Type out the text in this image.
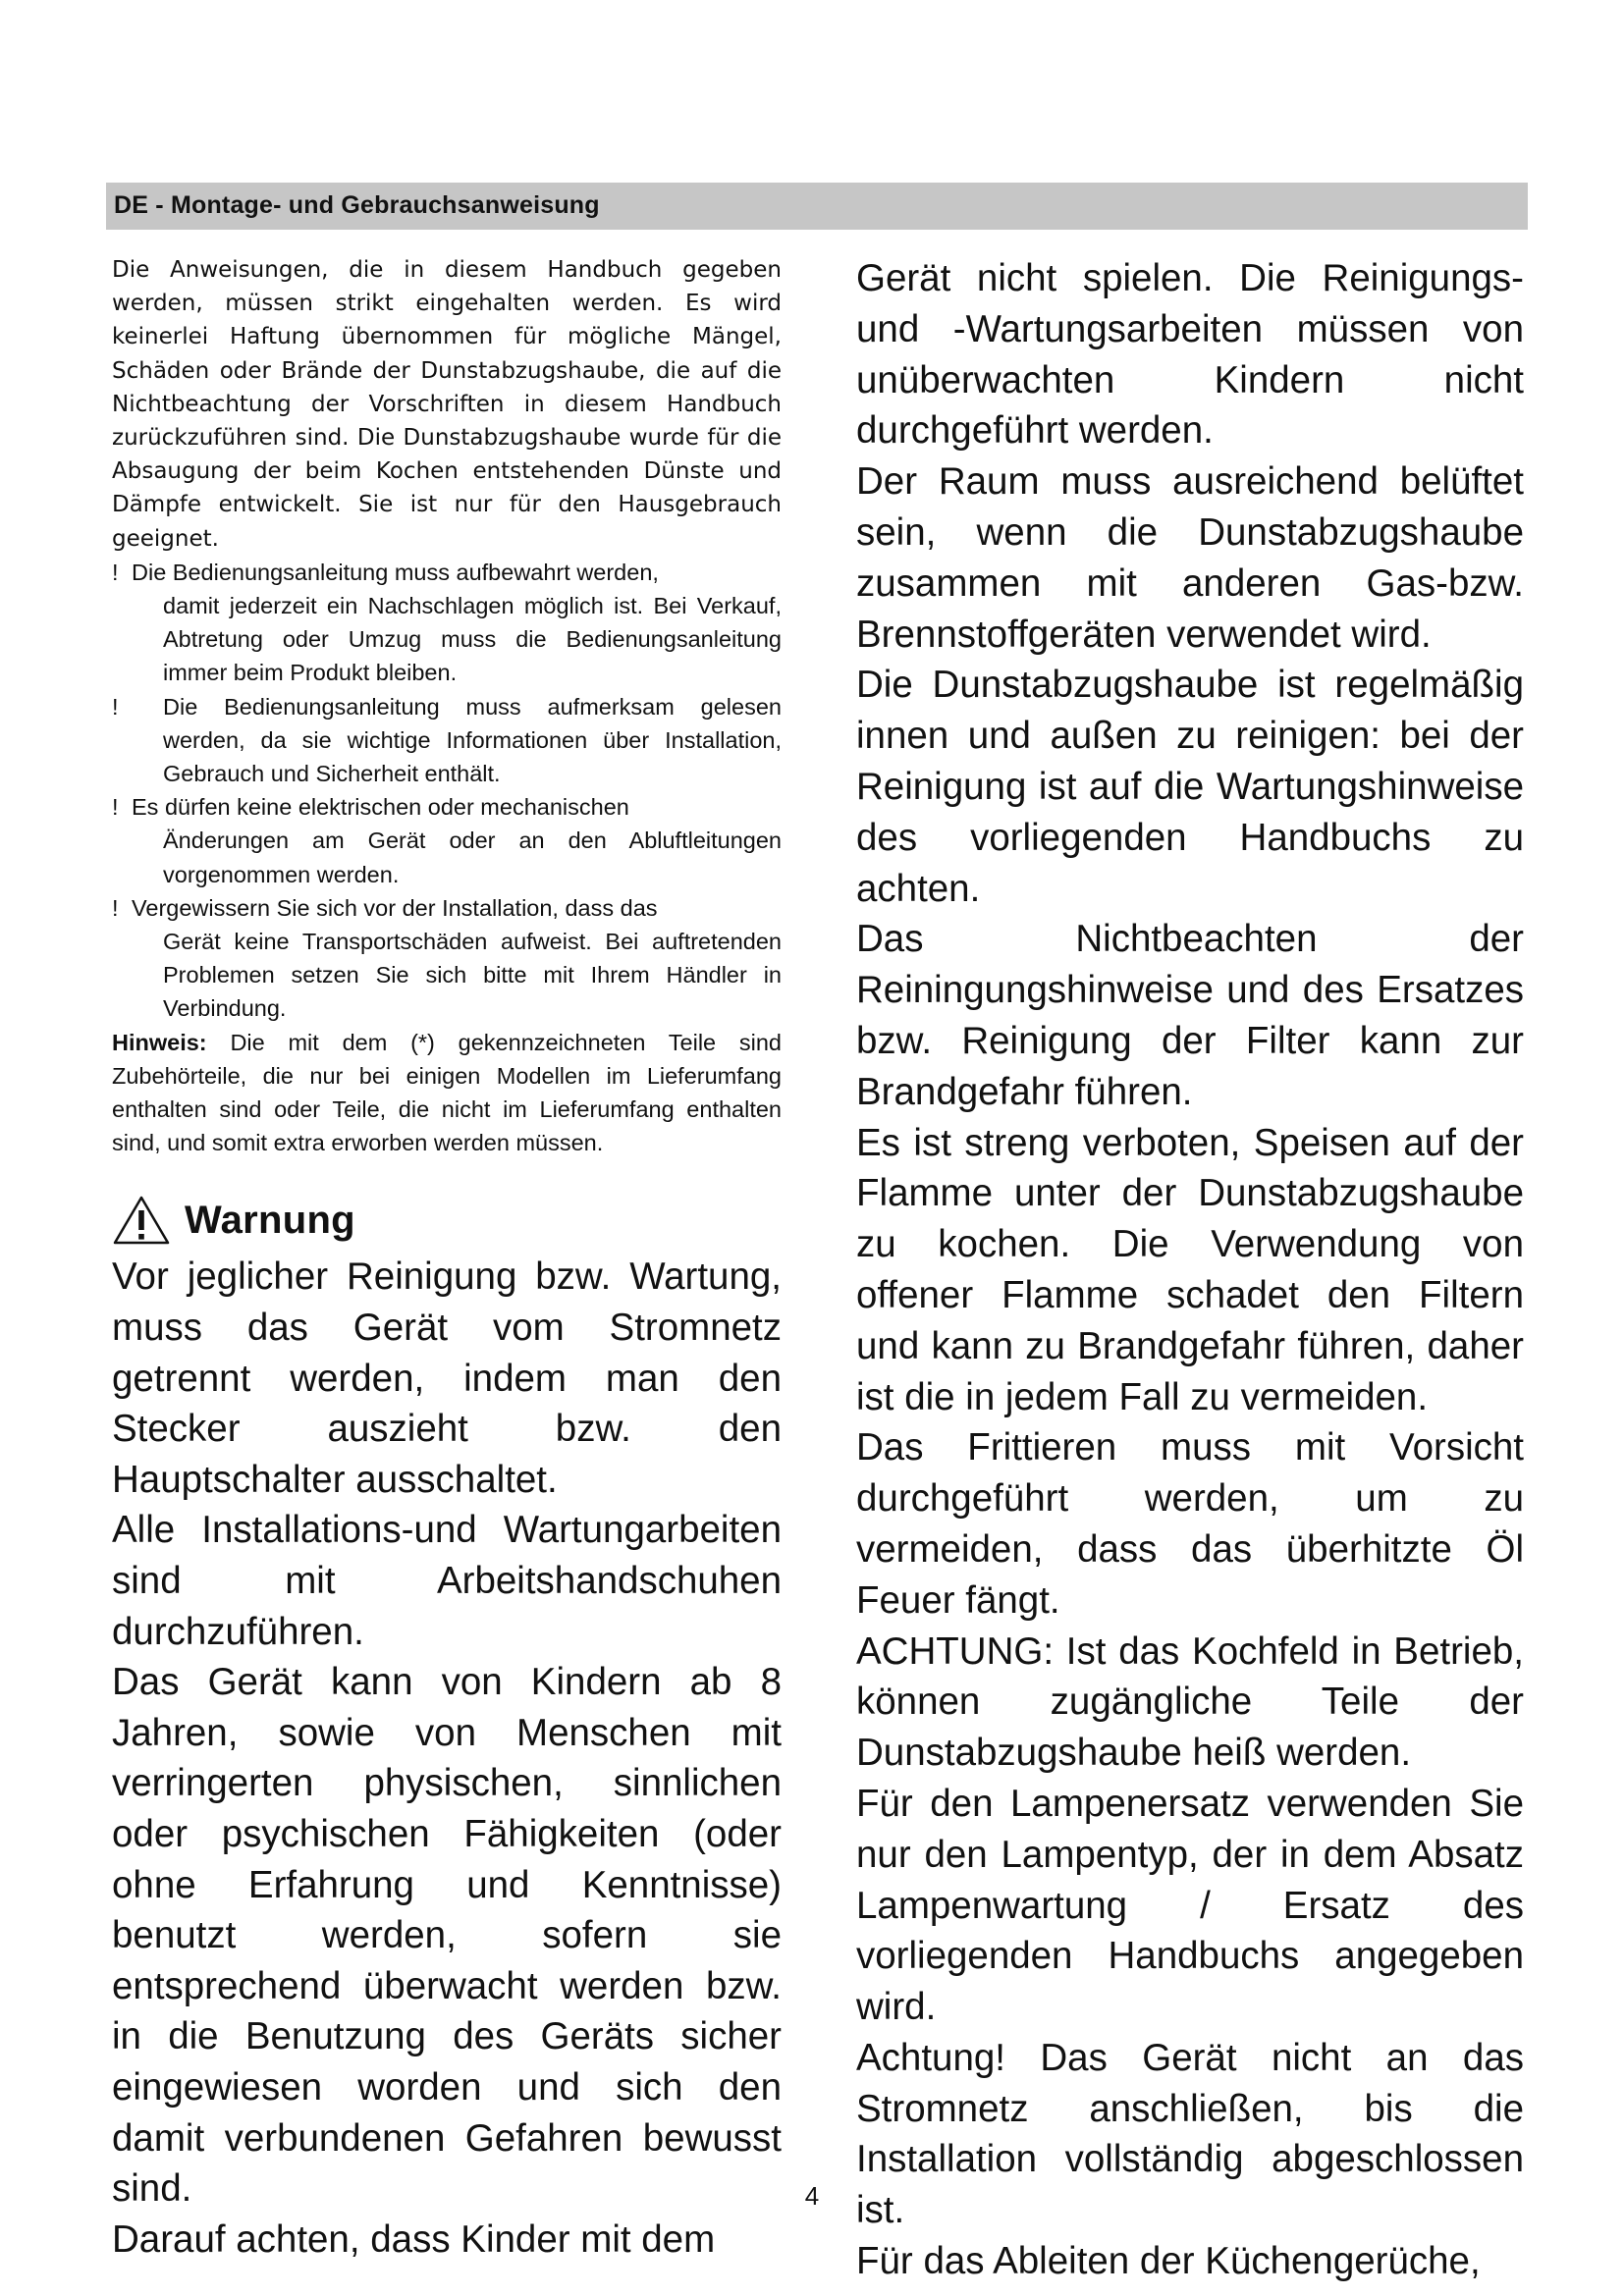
DE - Montage- und Gebrauchsanweisung

Die Anweisungen, die in diesem Handbuch gegeben werden, müssen strikt eingehalten werden. Es wird keinerlei Haftung übernommen für mögliche Mängel, Schäden oder Brände der Dunstabzugshaube, die auf die Nichtbeachtung der Vorschriften in diesem Handbuch zurückzuführen sind. Die Dunstabzugshaube wurde für die Absaugung der beim Kochen entstehenden Dünste und Dämpfe entwickelt. Sie ist nur für den Hausgebrauch geeignet.

! Die Bedienungsanleitung muss aufbewahrt werden,
damit jederzeit ein Nachschlagen möglich ist. Bei Verkauf, Abtretung oder Umzug muss die Bedienungsanleitung immer beim Produkt bleiben.

!	Die Bedienungsanleitung muss aufmerksam gelesen werden, da sie wichtige Informationen über Installation, Gebrauch und Sicherheit enthält.

! Es dürfen keine elektrischen oder mechanischen
Änderungen am Gerät oder an den Abluftleitungen vorgenommen werden.

! Vergewissern Sie sich vor der Installation, dass das
Gerät keine Transportschäden aufweist. Bei auftretenden Problemen setzen Sie sich bitte mit Ihrem Händler in Verbindung.

Hinweis: Die mit dem (*) gekennzeichneten Teile sind Zubehörteile, die nur bei einigen Modellen im Lieferumfang enthalten sind oder Teile, die nicht im Lieferumfang enthalten sind, und somit extra erworben werden müssen.

Warnung

Vor jeglicher Reinigung bzw. Wartung, muss das Gerät vom Stromnetz getrennt werden, indem man den Stecker auszieht bzw. den Hauptschalter ausschaltet.

Alle Installations-und Wartungarbeiten sind mit Arbeitshandschuhen durchzuführen.

Das Gerät kann von Kindern ab 8 Jahren, sowie von Menschen mit verringerten physischen, sinnlichen oder psychischen Fähigkeiten (oder ohne Erfahrung und Kenntnisse) benutzt werden, sofern sie entsprechend überwacht werden bzw. in die Benutzung des Geräts sicher eingewiesen worden und sich den damit verbundenen Gefahren bewusst sind.

Darauf achten, dass Kinder mit dem

Gerät nicht spielen. Die Reinigungs- und -Wartungsarbeiten müssen von unüberwachten Kindern nicht durchgeführt werden.

Der Raum muss ausreichend belüftet sein, wenn die Dunstabzugshaube zusammen mit anderen Gas-bzw. Brennstoffgeräten verwendet wird.

Die Dunstabzugshaube ist regelmäßig innen und außen zu reinigen: bei der Reinigung ist auf die Wartungshinweise des vorliegenden Handbuchs zu achten.

Das Nichtbeachten der Reiningungshinweise und des Ersatzes bzw. Reinigung der Filter kann zur Brandgefahr führen.

Es ist streng verboten, Speisen auf der Flamme unter der Dunstabzugshaube zu kochen. Die Verwendung von offener Flamme schadet den Filtern und kann zu Brandgefahr führen, daher ist die in jedem Fall zu vermeiden.

Das Frittieren muss mit Vorsicht durchgeführt werden, um zu vermeiden, dass das überhitzte Öl Feuer fängt.

ACHTUNG: Ist das Kochfeld in Betrieb, können zugängliche Teile der Dunstabzugshaube heiß werden.

Für den Lampenersatz verwenden Sie nur den Lampentyp, der in dem Absatz Lampenwartung / Ersatz des vorliegenden Handbuchs angegeben wird.

Achtung! Das Gerät nicht an das Stromnetz anschließen, bis die Installation vollständig abgeschlossen ist.

Für das Ableiten der Küchengerüche,

4
